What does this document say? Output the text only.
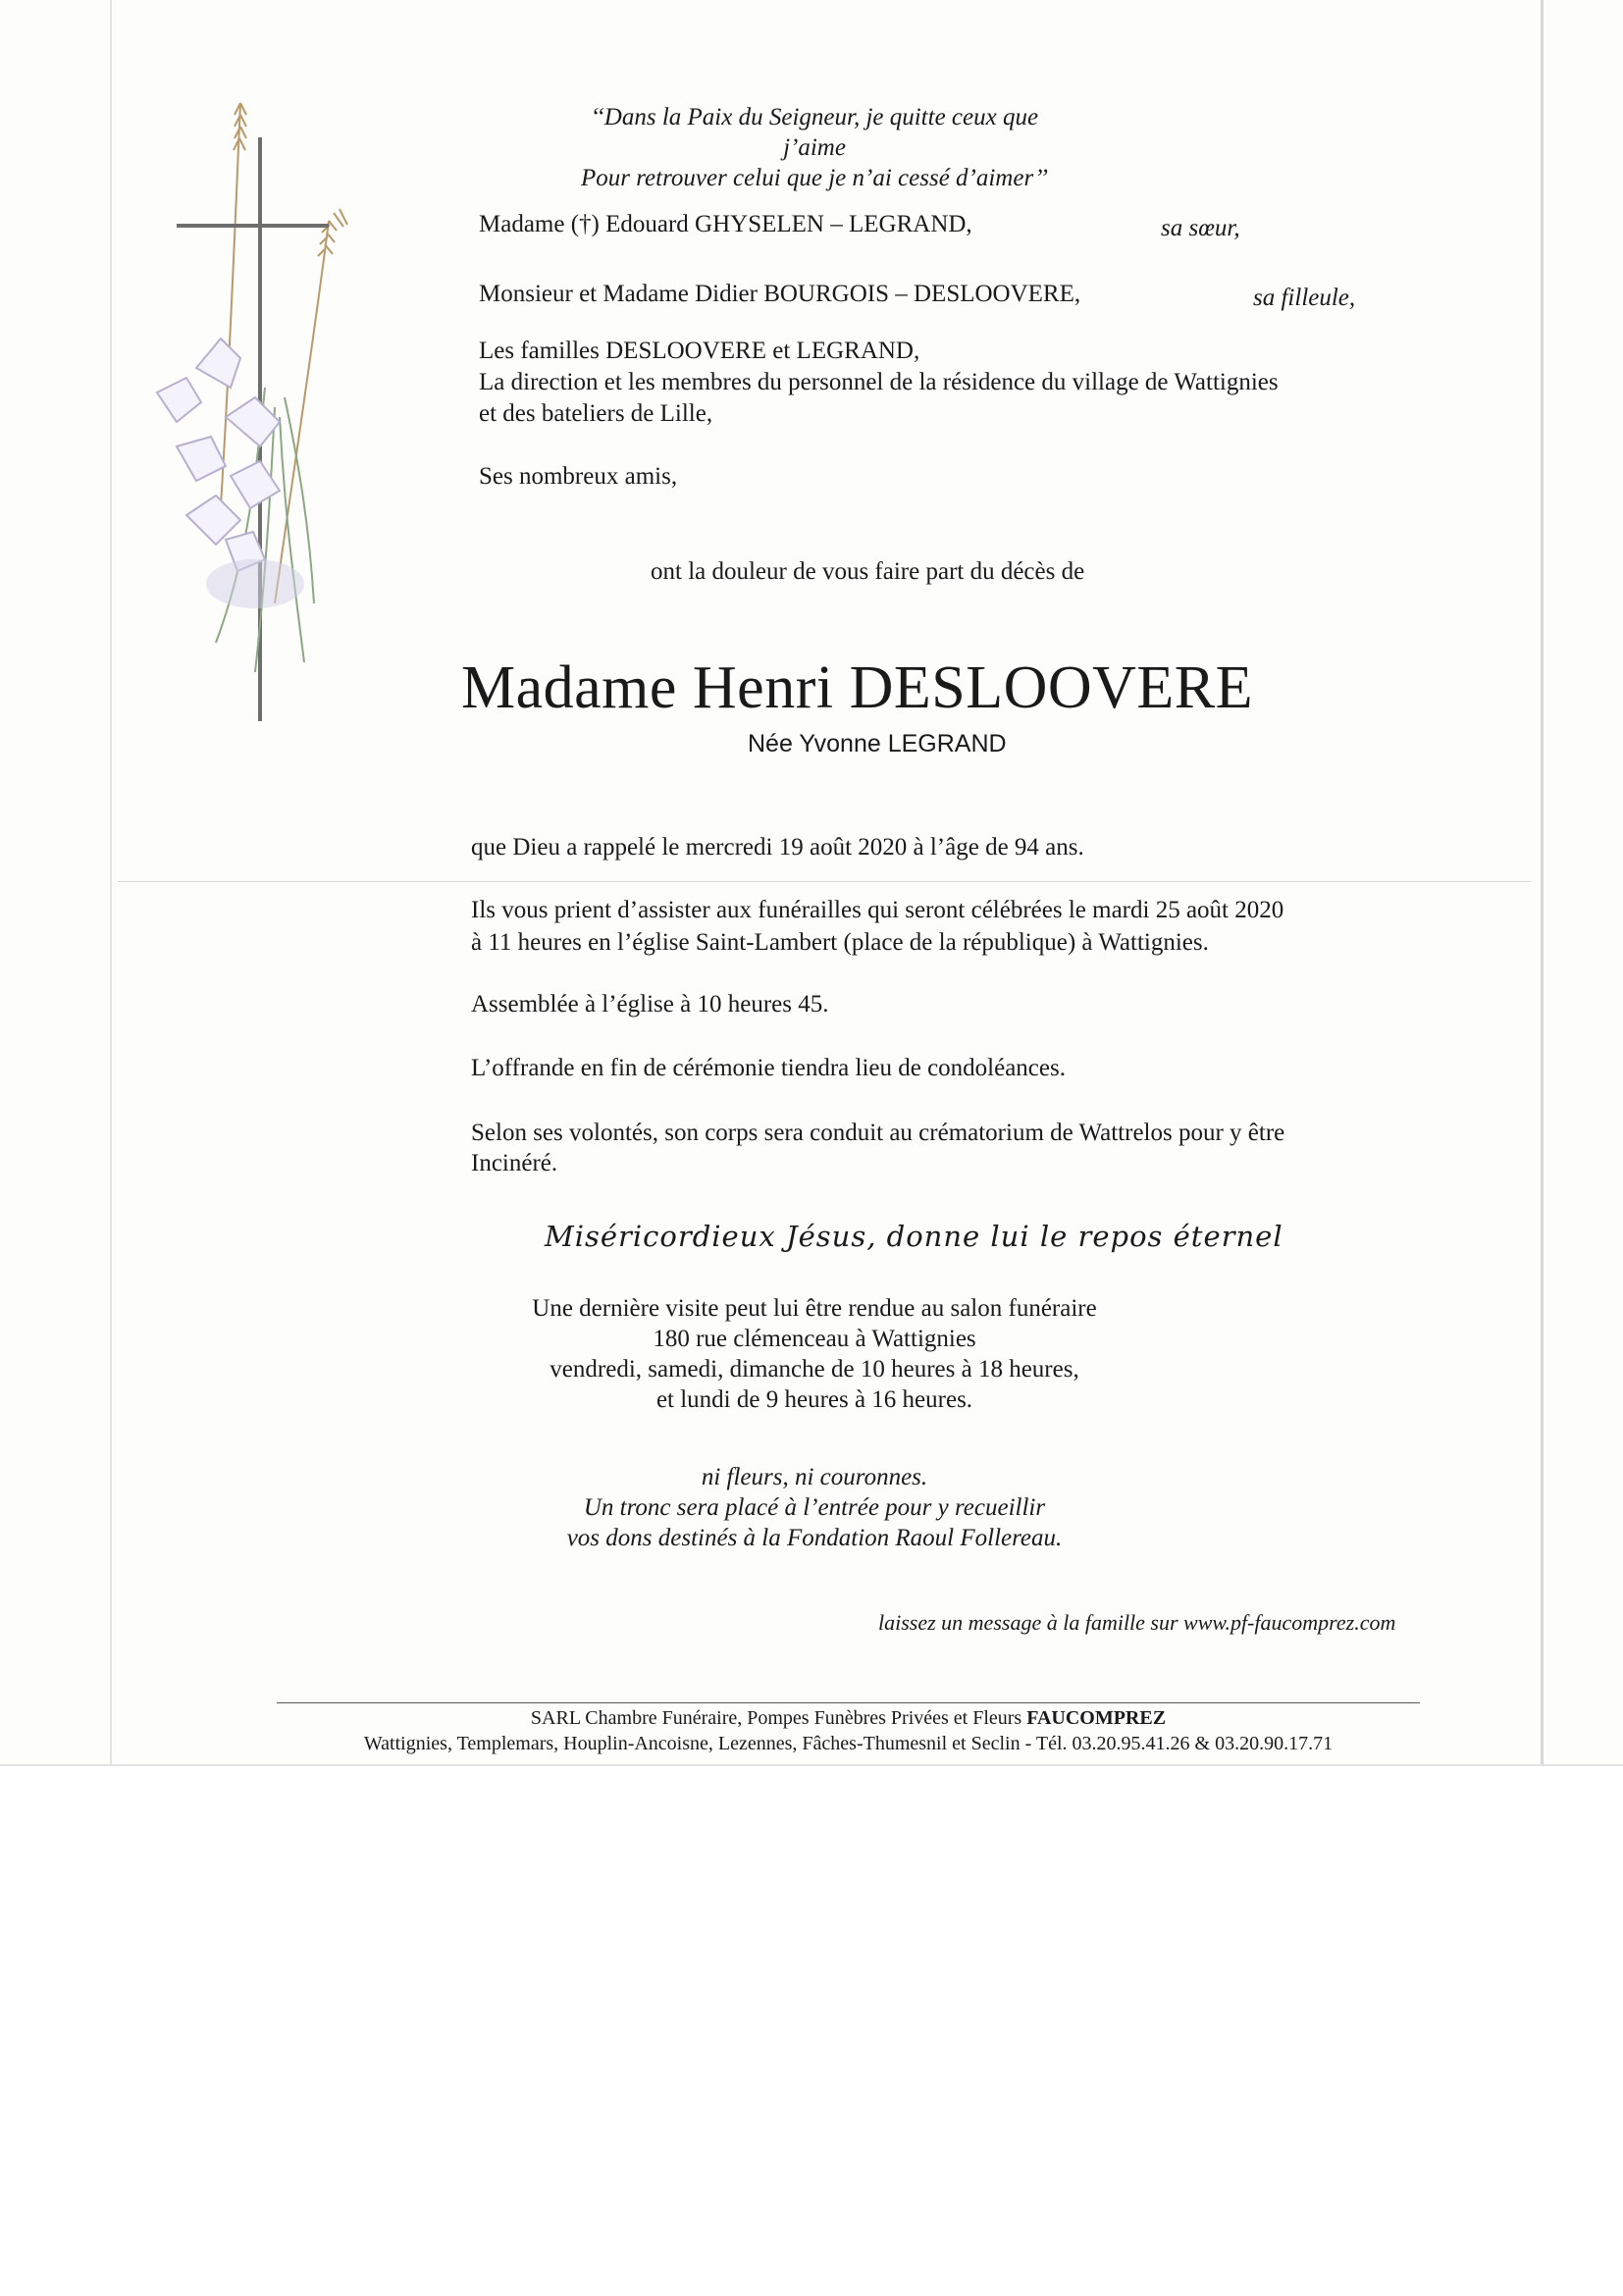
‘‘Dans la Paix du Seigneur, je quitte ceux que j’aime
Pour retrouver celui que je n’ai cessé d’aimer’’
Madame (†) Edouard GHYSELEN – LEGRAND,	sa sœur,
Monsieur et Madame Didier BOURGOIS – DESLOOVERE,	sa filleule,
Les familles DESLOOVERE et LEGRAND,
La direction et les membres du personnel de la résidence du village de Wattignies
et des bateliers de Lille,
Ses nombreux amis,
ont la douleur de vous faire part du décès de
Madame Henri DESLOOVERE
Née Yvonne LEGRAND
que Dieu a rappelé le mercredi 19 août 2020 à l’âge de 94 ans.
Ils vous prient d’assister aux funérailles qui seront célébrées le mardi 25 août 2020
à 11 heures en l’église Saint-Lambert (place de la république) à Wattignies.
Assemblée à l’église à 10 heures 45.
L’offrande en fin de cérémonie tiendra lieu de condoléances.
Selon ses volontés, son corps sera conduit au crématorium de Wattrelos pour y être
Incinéré.
Miséricordieux Jésus, donne lui le repos éternel
Une dernière visite peut lui être rendue au salon funéraire
180 rue clémenceau à Wattignies
vendredi, samedi, dimanche de 10 heures à 18 heures,
et lundi de 9 heures à 16 heures.
ni fleurs, ni couronnes.
Un tronc sera placé à l’entrée pour y recueillir
vos dons destinés à la Fondation Raoul Follereau.
laissez un message à la famille sur www.pf-faucomprez.com
SARL Chambre Funéraire, Pompes Funèbres Privées et Fleurs FAUCOMPREZ
Wattignies, Templemars, Houplin-Ancoisne, Lezennes, Fâches-Thumesnil et Seclin - Tél. 03.20.95.41.26 & 03.20.90.17.71
